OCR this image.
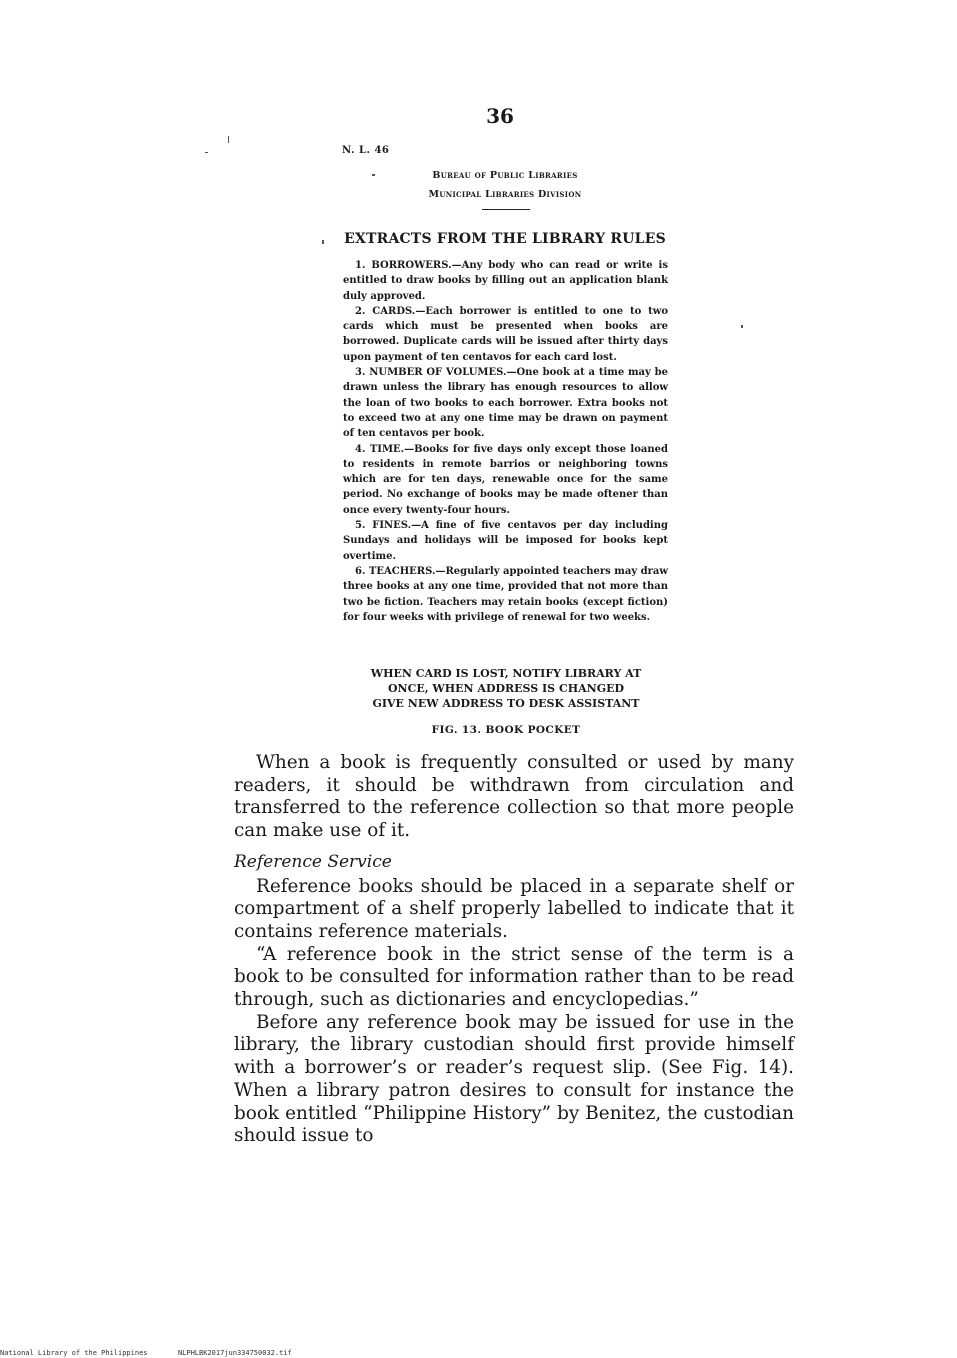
36
N. L. 46
Bureau of Public Libraries
Municipal Libraries Division
EXTRACTS FROM THE LIBRARY RULES

1. BORROWERS.—Any body who can read or write is entitled to draw books by filling out an application blank duly approved.

2. CARDS.—Each borrower is entitled to one to two cards which must be presented when books are borrowed. Duplicate cards will be issued after thirty days upon payment of ten centavos for each card lost.

3. NUMBER OF VOLUMES.—One book at a time may be drawn unless the library has enough resources to allow the loan of two books to each borrower. Extra books not to exceed two at any one time may be drawn on payment of ten centavos per book.

4. TIME.—Books for five days only except those loaned to residents in remote barrios or neighboring towns which are for ten days, renewable once for the same period. No exchange of books may be made oftener than once every twenty-four hours.

5. FINES.—A fine of five centavos per day including Sundays and holidays will be imposed for books kept overtime.

6. TEACHERS.—Regularly appointed teachers may draw three books at any one time, provided that not more than two be fiction. Teachers may retain books (except fiction) for four weeks with privilege of renewal for two weeks.

WHEN CARD IS LOST, NOTIFY LIBRARY AT
ONCE, WHEN ADDRESS IS CHANGED
GIVE NEW ADDRESS TO DESK ASSISTANT
FIG. 13. BOOK POCKET

When a book is frequently consulted or used by many readers, it should be withdrawn from circulation and transferred to the reference collection so that more people can make use of it.

Reference Service

Reference books should be placed in a separate shelf or compartment of a shelf properly labelled to indicate that it contains reference materials.

“A reference book in the strict sense of the term is a book to be consulted for information rather than to be read through, such as dictionaries and encyclopedias.”

Before any reference book may be issued for use in the library, the library custodian should first provide himself with a borrower’s or reader’s request slip. (See Fig. 14). When a library patron desires to consult for instance the book entitled “Philippine History” by Benitez, the custodian should issue to

National Library of the Philippines	NLPHLBK2017jun334750032.tif
